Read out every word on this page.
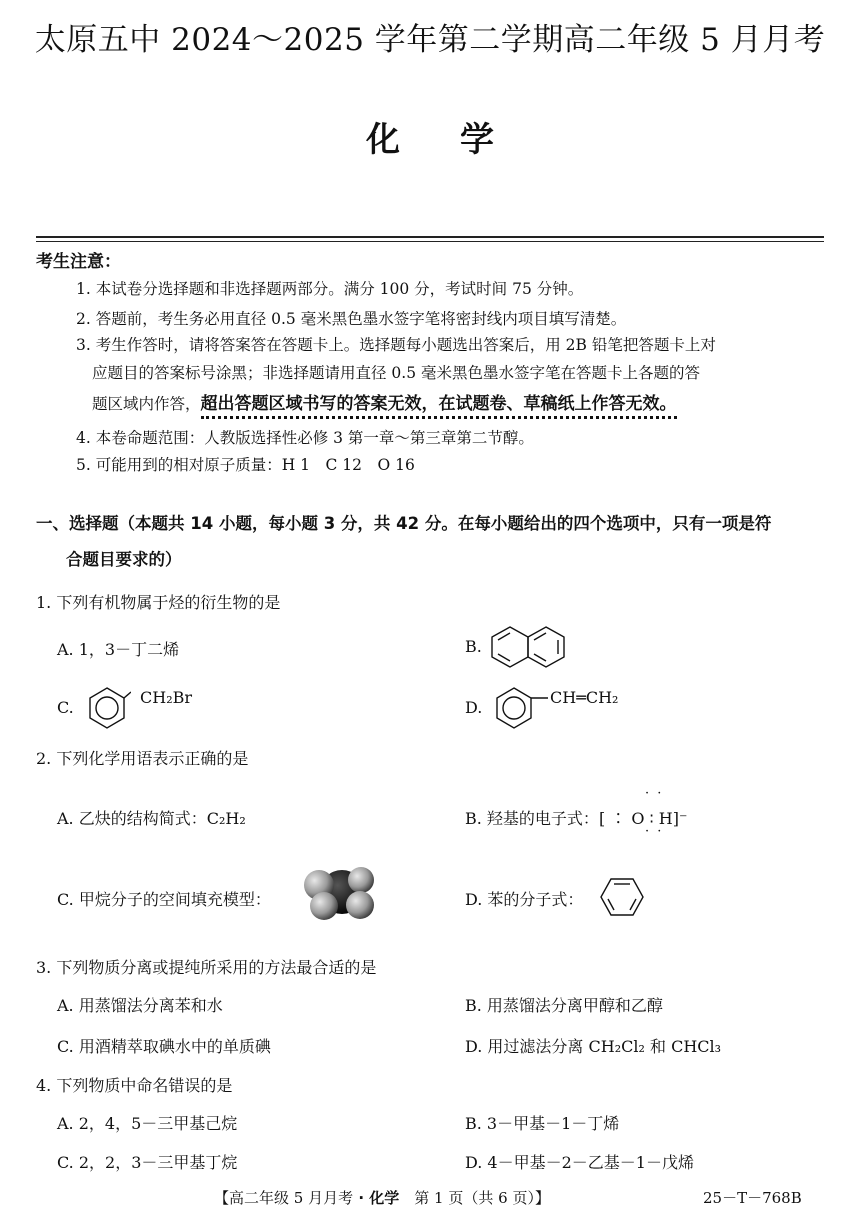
太原五中 2024～2025 学年第二学期高二年级 5 月月考
化学
考生注意：
1. 本试卷分选择题和非选择题两部分。满分 100 分，考试时间 75 分钟。
2. 答题前，考生务必用直径 0.5 毫米黑色墨水签字笔将密封线内项目填写清楚。
3. 考生作答时，请将答案答在答题卡上。选择题每小题选出答案后，用 2B 铅笔把答题卡上对
应题目的答案标号涂黑；非选择题请用直径 0.5 毫米黑色墨水签字笔在答题卡上各题的答
题区域内作答，超出答题区域书写的答案无效，在试题卷、草稿纸上作答无效。
4. 本卷命题范围：人教版选择性必修 3 第一章～第三章第二节醇。
5. 可能用到的相对原子质量：H 1　C 12　O 16
一、选择题（本题共 14 小题，每小题 3 分，共 42 分。在每小题给出的四个选项中，只有一项是符
合题目要求的）
1. 下列有机物属于烃的衍生物的是
A. 1，3－丁二烯	B.
C.
CH₂Br
D.
CH═CH₂
2. 下列化学用语表示正确的是
A. 乙炔的结构简式：C₂H₂	B. 羟基的电子式：[ ∶ O ∶ H]⁻
· ·
· ·
C. 甲烷分子的空间填充模型：	D. 苯的分子式：
3. 下列物质分离或提纯所采用的方法最合适的是
A. 用蒸馏法分离苯和水	B. 用蒸馏法分离甲醇和乙醇
C. 用酒精萃取碘水中的单质碘	D. 用过滤法分离 CH₂Cl₂ 和 CHCl₃
4. 下列物质中命名错误的是
A. 2，4，5－三甲基己烷	B. 3－甲基－1－丁烯
C. 2，2，3－三甲基丁烷	D. 4－甲基－2－乙基－1－戊烯
【高二年级 5 月月考 · 化学　第 1 页（共 6 页）】	25－T－768B
